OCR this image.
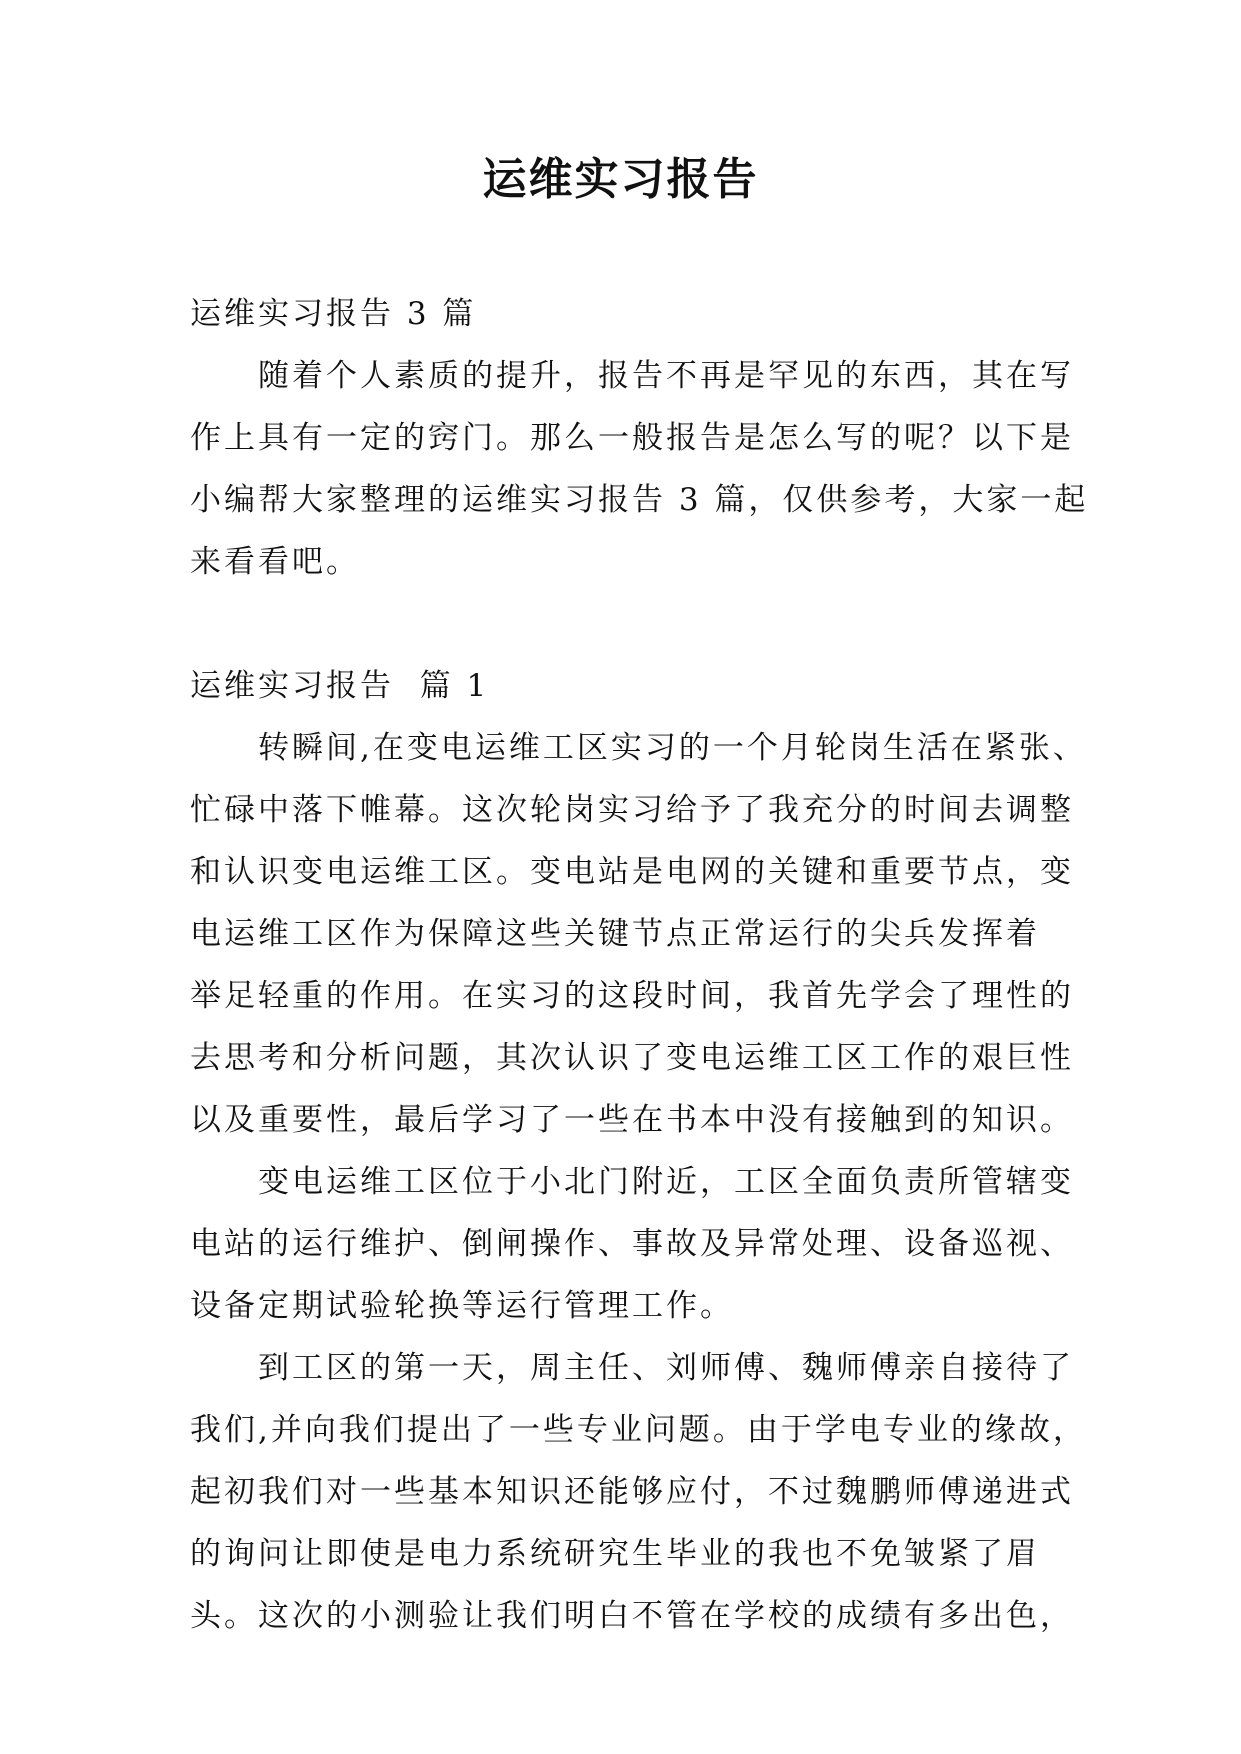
运维实习报告
运维实习报告 3 篇
随着个人素质的提升，报告不再是罕见的东西，其在写
作上具有一定的窍门。那么一般报告是怎么写的呢？以下是
小编帮大家整理的运维实习报告 3 篇，仅供参考，大家一起
来看看吧。
运维实习报告  篇 1
转瞬间,在变电运维工区实习的一个月轮岗生活在紧张、
忙碌中落下帷幕。这次轮岗实习给予了我充分的时间去调整
和认识变电运维工区。变电站是电网的关键和重要节点，变
电运维工区作为保障这些关键节点正常运行的尖兵发挥着
举足轻重的作用。在实习的这段时间，我首先学会了理性的
去思考和分析问题，其次认识了变电运维工区工作的艰巨性
以及重要性，最后学习了一些在书本中没有接触到的知识。
变电运维工区位于小北门附近，工区全面负责所管辖变
电站的运行维护、倒闸操作、事故及异常处理、设备巡视、
设备定期试验轮换等运行管理工作。
到工区的第一天，周主任、刘师傅、魏师傅亲自接待了
我们,并向我们提出了一些专业问题。由于学电专业的缘故，
起初我们对一些基本知识还能够应付，不过魏鹏师傅递进式
的询问让即使是电力系统研究生毕业的我也不免皱紧了眉
头。这次的小测验让我们明白不管在学校的成绩有多出色，
